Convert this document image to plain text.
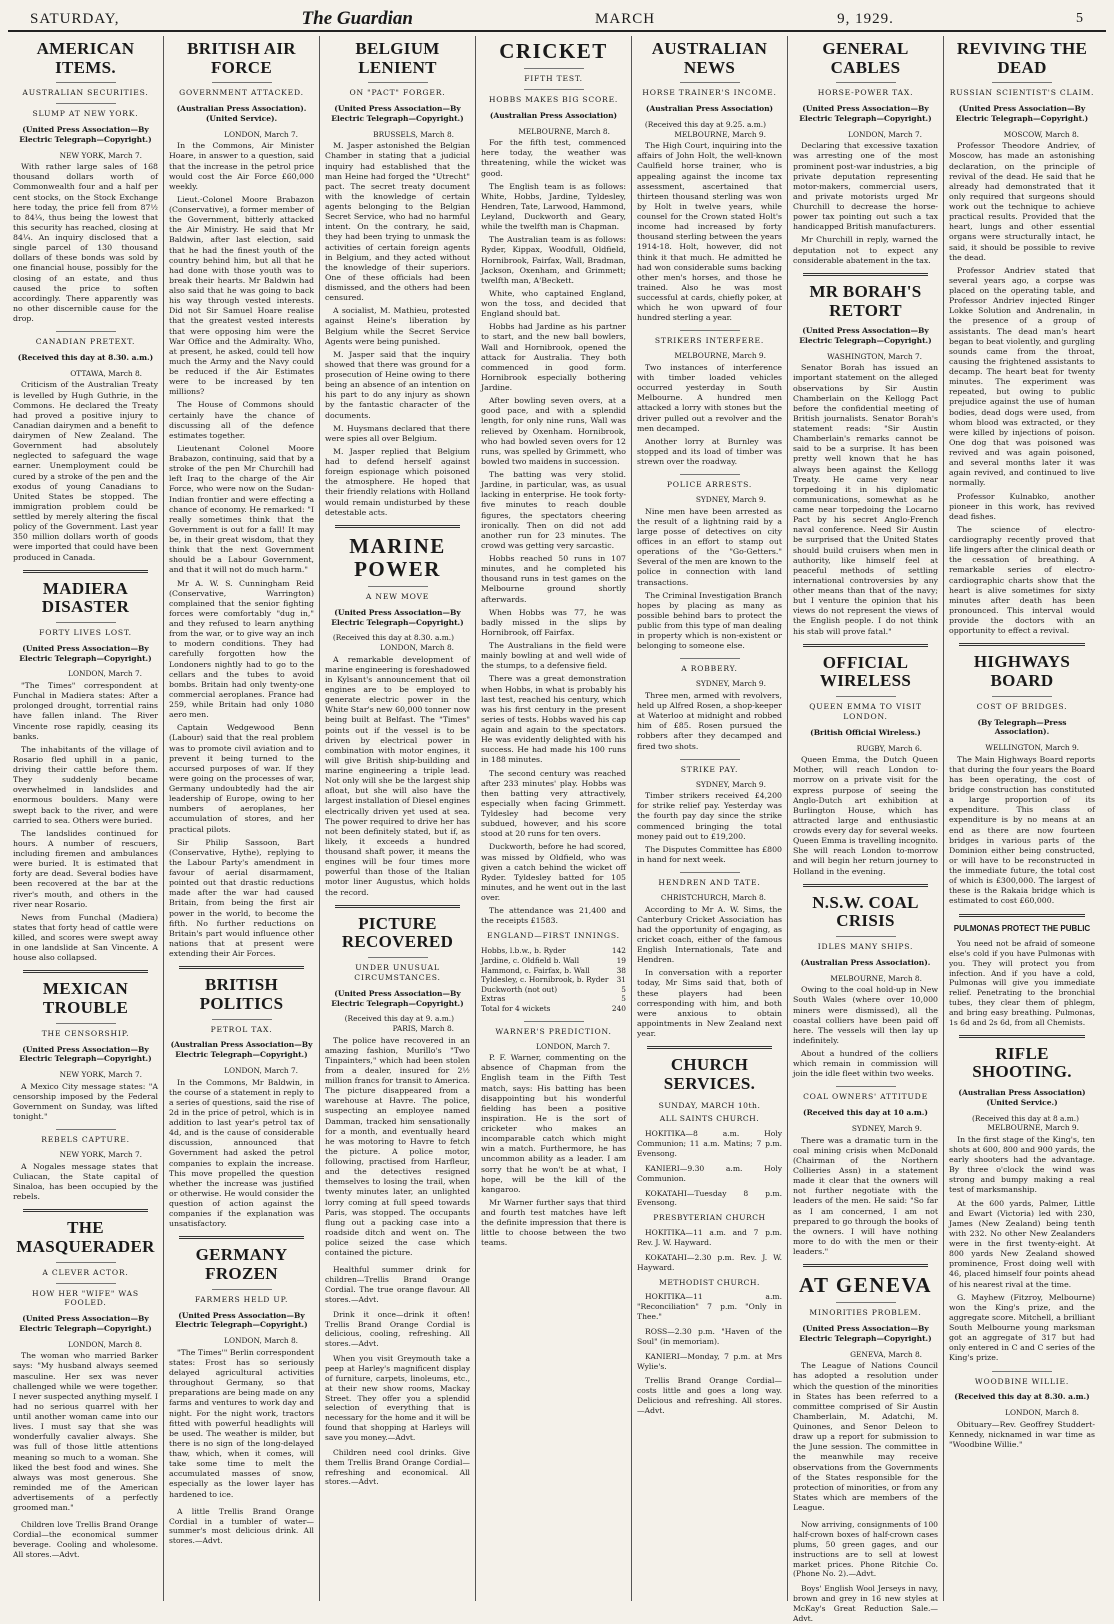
SATURDAY,	The Guardian	MARCH	9, 1929.	5
AMERICAN ITEMS.
AUSTRALIAN SECURITIES.
SLUMP AT NEW YORK.
(United Press Association—By Electric Telegraph—Copyright.)
NEW YORK, March 7.

With rather large sales of 168 thousand dollars worth of Commonwealth four and a half per cent stocks, on the Stock Exchange here today, the price fell from 87½ to 84¼, thus being the lowest that this security has reached, closing at 84¼. An inquiry disclosed that a single parcel of 130 thousand dollars of these bonds was sold by one financial house, possibly for the closing of an estate, and thus caused the price to soften accordingly. There apparently was no other discernible cause for the drop.

CANADIAN PRETEXT.
(Received this day at 8.30. a.m.)
OTTAWA, March 8.

Criticism of the Australian Treaty is levelled by Hugh Guthrie, in the Commons. He declared the Treaty had proved a positive injury to Canadian dairymen and a benefit to dairymen of New Zealand. The Government had absolutely neglected to safeguard the wage earner. Unemployment could be cured by a stroke of the pen and the exodus of young Canadians to United States be stopped. The immigration problem could be settled by merely altering the fiscal policy of the Government. Last year 350 million dollars worth of goods were imported that could have been produced in Canada.

MADIERA DISASTER
FORTY LIVES LOST.
(United Press Association—By Electric Telegraph—Copyright.)
LONDON, March 7.

"The Times" correspondent at Funchal in Madiera states: After a prolonged drought, torrential rains have fallen inland. The River Vincente rose rapidly, ceasing its banks.

The inhabitants of the village of Rosario fled uphill in a panic, driving their cattle before them. They suddenly became overwhelmed in landslides and enormous boulders. Many were swept back to the river, and were carried to sea. Others were buried.

The landslides continued for hours. A number of rescuers, including firemen and ambulances were buried. It is estimated that forty are dead. Several bodies have been recovered at the bar at the river's mouth, and others in the river near Rosario.

News from Funchal (Madiera) states that forty head of cattle were killed, and scores were swept away in one landslide at San Vincente. A house also collapsed.

MEXICAN TROUBLE
THE CENSORSHIP.
(United Press Association—By Electric Telegraph—Copyright.)
NEW YORK, March 7.

A Mexico City message states: "A censorship imposed by the Federal Government on Sunday, was lifted tonight."

REBELS CAPTURE.
NEW YORK, March 7.

A Nogales message states that Culiacan, the State capital of Sinaloa, has been occupied by the rebels.

THE MASQUERADER
A CLEVER ACTOR.
HOW HER "WIFE" WAS FOOLED.
(United Press Association—By Electric Telegraph—Copyright.)
LONDON, March 8.

The woman who married Barker says: "My husband always seemed masculine. Her sex was never challenged while we were together. I never suspected anything myself. I had no serious quarrel with her until another woman came into our lives. I must say that she was wonderfully cavalier always. She was full of those little attentions meaning so much to a woman. She liked the best food and wines. She always was most generous. She reminded me of the American advertisements of a perfectly groomed man."

Children love Trellis Brand Orange Cordial—the economical summer beverage. Cooling and wholesome. All stores.—Advt.

BRITISH AIR FORCE
GOVERNMENT ATTACKED.
(Australian Press Association). (United Service).
LONDON, March 7.

In the Commons, Air Minister Hoare, in answer to a question, said that the increase in the petrol price would cost the Air Force £60,000 weekly.

Lieut.-Colonel Moore Brabazon (Conservative), a former member of the Government, bitterly attacked the Air Ministry. He said that Mr Baldwin, after last election, said that he had the finest youth of the country behind him, but all that he had done with those youth was to break their hearts. Mr Baldwin had also said that he was going to back his way through vested interests. Did not Sir Samuel Hoare realise that the greatest vested interests that were opposing him were the War Office and the Admiralty. Who, at present, he asked, could tell how much the Army and the Navy could be reduced if the Air Estimates were to be increased by ten millions?

The House of Commons should certainly have the chance of discussing all of the defence estimates together.

Lieutenant Colonel Moore Brabazon, continuing, said that by a stroke of the pen Mr Churchill had left Iraq to the charge of the Air Force, who were now on the Sudan-Indian frontier and were effecting a chance of economy. He remarked: "I really sometimes think that the Government is out for a fall! It may be, in their great wisdom, that they think that the next Government should be a Labour Government, and that it will not do much harm."

Mr A. W. S. Cunningham Reid (Conservative, Warrington) complained that the senior fighting forces were comfortably "dug in," and they refused to learn anything from the war, or to give way an inch to modern conditions. They had carefully forgotten how the Londoners nightly had to go to the cellars and the tubes to avoid bombs. Britain had only twenty-one commercial aeroplanes. France had 259, while Britain had only 1080 aero men.

Captain Wedgewood Benn (Labour) said that the real problem was to promote civil aviation and to prevent it being turned to the accursed purposes of war. If they were going on the processes of war, Germany undoubtedly had the air leadership of Europe, owing to her numbers of aeroplanes, her accumulation of stores, and her practical pilots.

Sir Philip Sassoon, Bart (Conservative, Hythe), replying to the Labour Party's amendment in favour of aerial disarmament, pointed out that drastic reductions made after the war had caused Britain, from being the first air power in the world, to become the fifth. No further reductions on Britain's part would influence other nations that at present were extending their Air Forces.

BRITISH POLITICS
PETROL TAX.
(Australian Press Association—By Electric Telegraph—Copyright.)
LONDON, March 7.

In the Commons, Mr Baldwin, in the course of a statement in reply to a series of questions, said the rise of 2d in the price of petrol, which is in addition to last year's petrol tax of 4d, and is the cause of considerable discussion, announced that Government had asked the petrol companies to explain the increase. This move propelled the question whether the increase was justified or otherwise. He would consider the question of action against the companies if the explanation was unsatisfactory.

GERMANY FROZEN
FARMERS HELD UP.
(United Press Association—By Electric Telegraph—Copyright.)
LONDON, March 8.

"The Times'" Berlin correspondent states: Frost has so seriously delayed agricultural activities throughout Germany, so that preparations are being made on any farms and ventures to work day and night. For the night work, tractors fitted with powerful headlights will be used. The weather is milder, but there is no sign of the long-delayed thaw, which, when it comes, will take some time to melt the accumulated masses of snow, especially as the lower layer has hardened to ice.

A little Trellis Brand Orange Cordial in a tumbler of water—summer's most delicious drink. All stores.—Advt.

BELGIUM LENIENT
ON "PACT" FORGER.
(United Press Association—By Electric Telegraph—Copyright.)
BRUSSELS, March 8.

M. Jasper astonished the Belgian Chamber in stating that a judicial inquiry had established that the man Heine had forged the "Utrecht" pact. The secret treaty document with the knowledge of certain agents belonging to the Belgian Secret Service, who had no harmful intent. On the contrary, he said, they had been trying to unmask the activities of certain foreign agents in Belgium, and they acted without the knowledge of their superiors. One of these officials had been dismissed, and the others had been censured.

A socialist, M. Mathieu, protested against Heine's liberation by Belgium while the Secret Service Agents were being punished.

M. Jasper said that the inquiry showed that there was ground for a prosecution of Heine owing to there being an absence of an intention on his part to do any injury as shown by the fantastic character of the documents.

M. Huysmans declared that there were spies all over Belgium.

M. Jasper replied that Belgium had to defend herself against foreign espionage which poisoned the atmosphere. He hoped that their friendly relations with Holland would remain undisturbed by these detestable acts.

MARINE POWER
A NEW MOVE
(United Press Association—By Electric Telegraph—Copyright.)
(Received this day at 8.30. a.m.) LONDON, March 8.

A remarkable development of marine engineering is foreshadowed in Kylsant's announcement that oil engines are to be employed to generate electric power in the White Star's new 60,000 tonner now being built at Belfast. The "Times" points out if the vessel is to be driven by electrical power in combination with motor engines, it will give British ship-building and marine engineering a triple lead. Not only will she be the largest ship afloat, but she will also have the largest installation of Diesel engines electrically driven yet used at sea. The power required to drive her has not been definitely stated, but if, as likely, it exceeds a hundred thousand shaft power, it means the engines will be four times more powerful than those of the Italian motor liner Augustus, which holds the record.

PICTURE RECOVERED
UNDER UNUSUAL CIRCUMSTANCES.
(United Press Association—By Electric Telegraph—Copyright.)
(Received this day at 9. a.m.) PARIS, March 8.

The police have recovered in an amazing fashion, Murillo's "Two Tinpainters," which had been stolen from a dealer, insured for 2½ million francs for transit to America. The picture disappeared from a warehouse at Havre. The police, suspecting an employee named Damman, tracked him sensationally for a month, and eventually heard he was motoring to Havre to fetch the picture. A police motor, following, practised from Harfleur, and the detectives resigned themselves to losing the trail, when twenty minutes later, an unlighted lorry coming at full speed towards Paris, was stopped. The occupants flung out a packing case into a roadside ditch and went on. The police seized the case which contained the picture.

Healthful summer drink for children—Trellis Brand Orange Cordial. The true orange flavour. All stores.—Advt.

Drink it once—drink it often! Trellis Brand Orange Cordial is delicious, cooling, refreshing. All stores.—Advt.

When you visit Greymouth take a peep at Harley's magnificent display of furniture, carpets, linoleums, etc., at their new show rooms, Mackay Street. They offer you a splendid selection of everything that is necessary for the home and it will be found that shopping at Harleys will save you money.—Advt.

Children need cool drinks. Give them Trellis Brand Orange Cordial—refreshing and economical. All stores.—Advt.

CRICKET
FIFTH TEST.
HOBBS MAKES BIG SCORE.
(Australian Press Association)
MELBOURNE, March 8.

For the fifth test, commenced here today, the weather was threatening, while the wicket was good.

The English team is as follows: White, Hobbs, Jardine, Tyldesley, Hendren, Tate, Larwood, Hammond, Leyland, Duckworth and Geary, while the twelfth man is Chapman.

The Australian team is as follows: Ryder, Kippax, Woodfull, Oldfield, Hornibrook, Fairfax, Wall, Bradman, Jackson, Oxenham, and Grimmett; twelfth man, A'Beckett.

White, who captained England, won the toss, and decided that England should bat.

Hobbs had Jardine as his partner to start, and the new ball bowlers, Wall and Hornibrook, opened the attack for Australia. They both commenced in good form. Hornibrook especially bothering Jardine.

After bowling seven overs, at a good pace, and with a splendid length, for only nine runs, Wall was relieved by Oxenham. Hornibrook, who had bowled seven overs for 12 runs, was spelled by Grimmett, who bowled two maidens in succession.

The batting was very stolid. Jardine, in particular, was, as usual lacking in enterprise. He took forty-five minutes to reach double figures, the spectators cheering ironically. Then on did not add another run for 23 minutes. The crowd was getting very sarcastic.

Hobbs reached 50 runs in 107 minutes, and he completed his thousand runs in test games on the Melbourne ground shortly afterwards.

When Hobbs was 77, he was badly missed in the slips by Hornibrook, off Fairfax.

The Australians in the field were mainly bowling at and well wide of the stumps, to a defensive field.

There was a great demonstration when Hobbs, in what is probably his last test, reached his century, which was his first century in the present series of tests. Hobbs waved his cap again and again to the spectators. He was evidently delighted with his success. He had made his 100 runs in 188 minutes.

The second century was reached after 233 minutes' play. Hobbs was then batting very attractively, especially when facing Grimmett. Tyldesley had become very subdued, however, and his score stood at 20 runs for ten overs.

Duckworth, before he had scored, was missed by Oldfield, who was given a catch behind the wicket off Ryder. Tyldesley batted for 105 minutes, and he went out in the last over.

The attendance was 21,400 and the receipts £1583.

ENGLAND—FIRST INNINGS.
Hobbs, l.b.w., b. Ryder	142
Jardine, c. Oldfield b. Wall	19
Hammond, c. Fairfax, b. Wall	38
Tyldesley, c. Hornibrook, b. Ryder 31
Duckworth (not out)	5
Extras	5
Total for 4 wickets	240
WARNER'S PREDICTION.
LONDON, March 7.

P. F. Warner, commenting on the absence of Chapman from the English team in the Fifth Test match, says: His batting has been disappointing but his wonderful fielding has been a positive inspiration. He is the sort of cricketer who makes an incomparable catch which might win a match. Furthermore, he has uncommon ability as a leader. I am sorry that he won't be at what, I hope, will be the kill of the kangaroo.

Mr Warner further says that third and fourth test matches have left the definite impression that there is little to choose between the two teams.

AUSTRALIAN NEWS
HORSE TRAINER'S INCOME.
(Australian Press Association)
(Received this day at 9.25. a.m.) MELBOURNE, March 9.

The High Court, inquiring into the affairs of John Holt, the well-known Caulfield horse trainer, who is appealing against the income tax assessment, ascertained that thirteen thousand sterling was won by Holt in twelve years, while counsel for the Crown stated Holt's income had increased by forty thousand sterling between the years 1914-18. Holt, however, did not think it that much. He admitted he had won considerable sums backing other men's horses, and those he trained. Also he was most successful at cards, chiefly poker, at which he won upward of four hundred sterling a year.

STRIKERS INTERFERE.
MELBOURNE, March 9.

Two instances of interference with timber loaded vehicles occurred yesterday in South Melbourne. A hundred men attacked a lorry with stones but the driver pulled out a revolver and the men decamped.

Another lorry at Burnley was stopped and its load of timber was strewn over the roadway.

POLICE ARRESTS.
SYDNEY, March 9.

Nine men have been arrested as the result of a lightning raid by a large posse of detectives on city offices in an effort to stamp out operations of the "Go-Getters." Several of the men are known to the police in connection with land transactions.

The Criminal Investigation Branch hopes by placing as many as possible behind bars to protect the public from this type of man dealing in property which is non-existent or belonging to someone else.

A ROBBERY.
SYDNEY, March 9.

Three men, armed with revolvers, held up Alfred Rosen, a shop-keeper at Waterloo at midnight and robbed him of £85. Rosen pursued the robbers after they decamped and fired two shots.

STRIKE PAY.
SYDNEY, March 9.

Timber strikers received £4,200 for strike relief pay. Yesterday was the fourth pay day since the strike commenced bringing the total money paid out to £19,200.

The Disputes Committee has £800 in hand for next week.

HENDREN AND TATE.
CHRISTCHURCH, March 8.

According to Mr A. W. Sims, the Canterbury Cricket Association has had the opportunity of engaging, as cricket coach, either of the famous English Internationals, Tate and Hendren.

In conversation with a reporter today, Mr Sims said that, both of these players had been corresponding with him, and both were anxious to obtain appointments in New Zealand next year.

CHURCH SERVICES.
SUNDAY, MARCH 10th.
ALL SAINTS CHURCH.

HOKITIKA—8 a.m. Holy Communion; 11 a.m. Matins; 7 p.m. Evensong.

KANIERI—9.30 a.m. Holy Communion.

KOKATAHI—Tuesday 8 p.m. Evensong.

PRESBYTERIAN CHURCH

HOKITIKA—11 a.m. and 7 p.m. Rev. J. W. Hayward.

KOKATAHI—2.30 p.m. Rev. J. W. Hayward.

METHODIST CHURCH.

HOKITIKA—11 a.m. "Reconciliation" 7 p.m. "Only in Thee."

ROSS—2.30 p.m. "Haven of the Soul" (in memoriam).

KANIERI—Monday, 7 p.m. at Mrs Wylie's.

Trellis Brand Orange Cordial—costs little and goes a long way. Delicious and refreshing. All stores.—Advt.

GENERAL CABLES
HORSE-POWER TAX.
(United Press Association—By Electric Telegraph—Copyright.)
LONDON, March 7.

Declaring that excessive taxation was arresting one of the most prominent post-war industries, a big private deputation representing motor-makers, commercial users, and private motorists urged Mr Churchill to decrease the horse-power tax pointing out such a tax handicapped British manufacturers.

Mr Churchill in reply, warned the deputation not to expect any considerable abatement in the tax.

MR BORAH'S RETORT
(United Press Association—By Electric Telegraph—Copyright.)
WASHINGTON, March 7.

Senator Borah has issued an important statement on the alleged observations by Sir Austin Chamberlain on the Kellogg Pact before the confidential meeting of British journalists. Senator Borah's statement reads: "Sir Austin Chamberlain's remarks cannot be said to be a surprise. It has been pretty well known that he has always been against the Kellogg Treaty. He came very near torpedoing it in his diplomatic communications, somewhat as he came near torpedoing the Locarno Pact by his secret Anglo-French naval conference. Need Sir Austin be surprised that the United States should build cruisers when men in authority, like himself feel at peaceful methods of settling international controversies by any other means than that of the navy; but I venture the opinion that his views do not represent the views of the English people. I do not think his stab will prove fatal."

OFFICIAL WIRELESS
QUEEN EMMA TO VISIT LONDON.
(British Official Wireless.)
RUGBY, March 6.

Queen Emma, the Dutch Queen Mother, will reach London to-morrow on a private visit for the express purpose of seeing the Anglo-Dutch art exhibition at Burlington House, which has attracted large and enthusiastic crowds every day for several weeks. Queen Emma is travelling incognito. She will reach London to-morrow and will begin her return journey to Holland in the evening.

N.S.W. COAL CRISIS
IDLES MANY SHIPS.
(Australian Press Association).
MELBOURNE, March 8.

Owing to the coal hold-up in New South Wales (where over 10,000 miners were dismissed), all the coastal colliers have been paid off here. The vessels will then lay up indefinitely.

About a hundred of the colliers which remain in commission will join the idle fleet within two weeks.

COAL OWNERS' ATTITUDE
(Received this day at 10 a.m.)
SYDNEY, March 9.

There was a dramatic turn in the coal mining crisis when McDonald (Chairman of the Northern Collieries Assn) in a statement made it clear that the owners will not further negotiate with the leaders of the men. He said: "So far as I am concerned, I am not prepared to go through the books of the owners. I will have nothing more to do with the men or their leaders."

AT GENEVA
MINORITIES PROBLEM.
(United Press Association—By Electric Telegraph—Copyright.)
GENEVA, March 8.

The League of Nations Council has adopted a resolution under which the question of the minorities in States has been referred to a committee comprised of Sir Austin Chamberlain, M. Adatchi, M. Quinones, and Senor Deleon to draw up a report for submission to the June session. The committee in the meanwhile may receive observations from the Governments of the States responsible for the protection of minorities, or from any States which are members of the League.

Now arriving, consignments of 100 half-crown boxes of half-crown cases plums, 50 green gages, and our instructions are to sell at lowest market prices. Phone Ritchie Co. (Phone No. 2).—Advt.

Boys' English Wool Jerseys in navy, brown and grey in 16 new styles at McKay's Great Reduction Sale.—Advt.

REVIVING THE DEAD
RUSSIAN SCIENTIST'S CLAIM.
(United Press Association—By Electric Telegraph—Copyright.)
MOSCOW, March 8.

Professor Theodore Andriev, of Moscow, has made an astonishing declaration, on the principle of revival of the dead. He said that he already had demonstrated that it only required that surgeons should work out the technique to achieve practical results. Provided that the heart, lungs and other essential organs were structurally intact, he said, it should be possible to revive the dead.

Professor Andriev stated that several years ago, a corpse was placed on the operating table, and Professor Andriev injected Ringer Lokke Solution and Andrenalin, in the presence of a group of assistants. The dead man's heart began to beat violently, and gurgling sounds came from the throat, causing the frightened assistants to decamp. The heart beat for twenty minutes. The experiment was repeated, but owing to public prejudice against the use of human bodies, dead dogs were used, from whom blood was extracted, or they were killed by injections of poison. One dog that was poisoned was revived and was again poisoned, and several months later it was again revived, and continued to live normally.

Professor Kulnabko, another pioneer in this work, has revived dead fishes.

The science of electro-cardiography recently proved that life lingers after the clinical death or the cessation of breathing. A remarkable series of electro-cardiographic charts show that the heart is alive sometimes for sixty minutes after death has been pronounced. This interval would provide the doctors with an opportunity to effect a revival.

HIGHWAYS BOARD
COST OF BRIDGES.
(By Telegraph—Press Association).
WELLINGTON, March 9.

The Main Highways Board reports that during the four years the Board has been operating, the cost of bridge construction has constituted a large proportion of its expenditure. This class of expenditure is by no means at an end as there are now fourteen bridges in various parts of the Dominion either being constructed, or will have to be reconstructed in the immediate future, the total cost of which is £300,000. The largest of these is the Rakaia bridge which is estimated to cost £60,000.

PULMONAS PROTECT THE PUBLIC

You need not be afraid of someone else's cold if you have Pulmonas with you. They will protect you from infection. And if you have a cold, Pulmonas will give you immediate relief. Penetrating to the bronchial tubes, they clear them of phlegm, and bring easy breathing. Pulmonas, 1s 6d and 2s 6d, from all Chemists.

RIFLE SHOOTING.
(Australian Press Association) (United Service.)
(Received this day at 8 a.m.) MELBOURNE, March 9.

In the first stage of the King's, ten shots at 600, 800 and 900 yards, the early shooters had the advantage. By three o'clock the wind was strong and bumpy making a real test of marksmanship.

At the 600 yards, Palmer, Little and Ewart (Victoria) led with 230, James (New Zealand) being tenth with 232. No other New Zealanders were in the first twenty-eight. At 800 yards New Zealand showed prominence, Frost doing well with 46, placed himself four points ahead of his nearest rival at the time.

G. Mayhew (Fitzroy, Melbourne) won the King's prize, and the aggregate score. Mitchell, a brilliant South Melbourne young marksman got an aggregate of 317 but had only entered in C and C series of the King's prize.

WOODBINE WILLIE.
(Received this day at 8.30. a.m.)
LONDON, March 8.

Obituary—Rev. Geoffrey Studdert-Kennedy, nicknamed in war time as "Woodbine Willie."
